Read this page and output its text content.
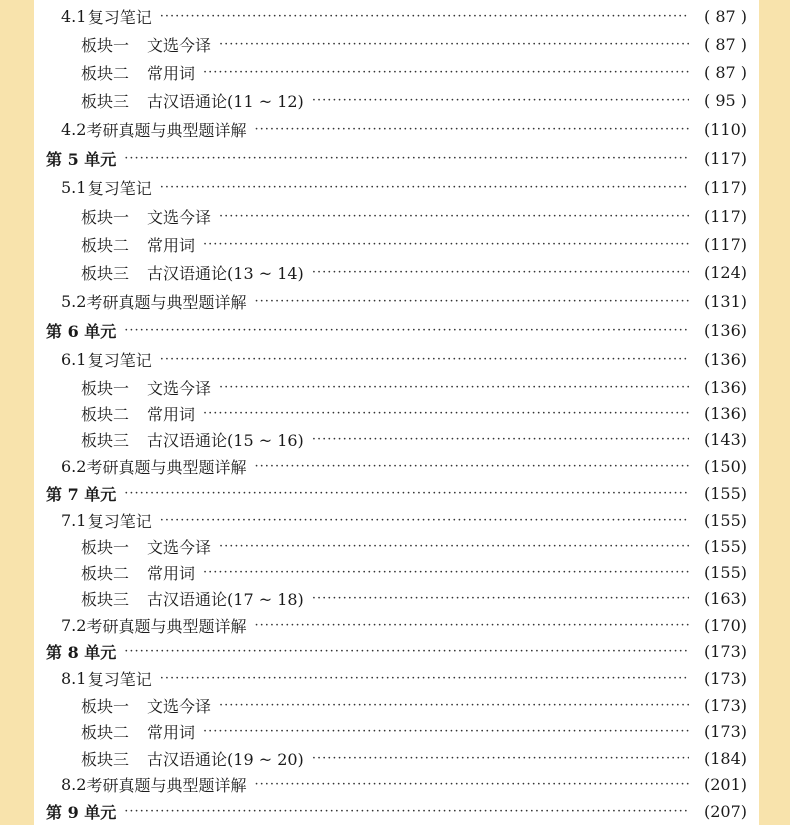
4.1 复习笔记 ·····	( 87 )
板块一 文选今译 ·····	( 87 )
板块二 常用词 ·····	( 87 )
板块三 古汉语通论(11 ~ 12) ·····	( 95 )
4.2 考研真题与典型题详解 ·····	(110)
第 5 单元 ·····	(117)
5.1 复习笔记 ·····	(117)
板块一 文选今译 ·····	(117)
板块二 常用词 ·····	(117)
板块三 古汉语通论(13 ~ 14) ·····	(124)
5.2 考研真题与典型题详解 ·····	(131)
第 6 单元 ·····	(136)
6.1 复习笔记 ·····	(136)
板块一 文选今译 ·····	(136)
板块二 常用词 ·····	(136)
板块三 古汉语通论(15 ~ 16) ·····	(143)
6.2 考研真题与典型题详解 ·····	(150)
第 7 单元 ·····	(155)
7.1 复习笔记 ·····	(155)
板块一 文选今译 ·····	(155)
板块二 常用词 ·····	(155)
板块三 古汉语通论(17 ~ 18) ·····	(163)
7.2 考研真题与典型题详解 ·····	(170)
第 8 单元 ·····	(173)
8.1 复习笔记 ·····	(173)
板块一 文选今译 ·····	(173)
板块二 常用词 ·····	(173)
板块三 古汉语通论(19 ~ 20) ·····	(184)
8.2 考研真题与典型题详解 ·····	(201)
第 9 单元 ·····	(207)
